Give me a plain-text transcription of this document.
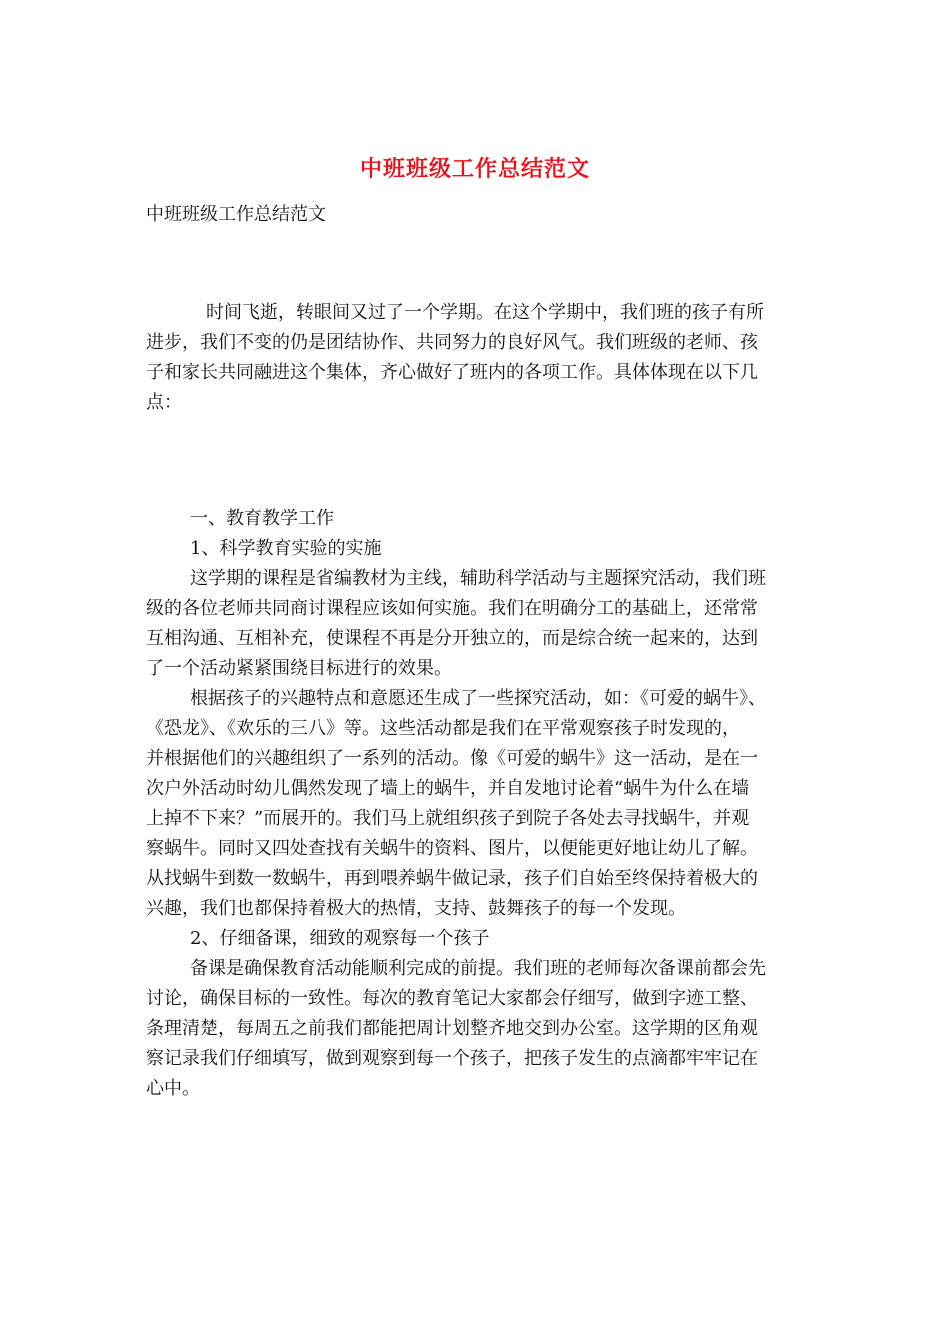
中班班级工作总结范文
中班班级工作总结范文
时间飞逝，转眼间又过了一个学期。在这个学期中，我们班的孩子有所
进步，我们不变的仍是团结协作、共同努力的良好风气。我们班级的老师、孩
子和家长共同融进这个集体，齐心做好了班内的各项工作。具体体现在以下几
点：
一、教育教学工作
1、科学教育实验的实施
这学期的课程是省编教材为主线，辅助科学活动与主题探究活动，我们班
级的各位老师共同商讨课程应该如何实施。我们在明确分工的基础上，还常常
互相沟通、互相补充，使课程不再是分开独立的，而是综合统一起来的，达到
了一个活动紧紧围绕目标进行的效果。
根据孩子的兴趣特点和意愿还生成了一些探究活动，如：《可爱的蜗牛》、
《恐龙》、《欢乐的三八》等。这些活动都是我们在平常观察孩子时发现的，
并根据他们的兴趣组织了一系列的活动。像《可爱的蜗牛》这一活动，是在一
次户外活动时幼儿偶然发现了墙上的蜗牛，并自发地讨论着“蜗牛为什么在墙
上掉不下来？”而展开的。我们马上就组织孩子到院子各处去寻找蜗牛，并观
察蜗牛。同时又四处查找有关蜗牛的资料、图片，以便能更好地让幼儿了解。
从找蜗牛到数一数蜗牛，再到喂养蜗牛做记录，孩子们自始至终保持着极大的
兴趣，我们也都保持着极大的热情，支持、鼓舞孩子的每一个发现。
2、仔细备课，细致的观察每一个孩子
备课是确保教育活动能顺利完成的前提。我们班的老师每次备课前都会先
讨论，确保目标的一致性。每次的教育笔记大家都会仔细写，做到字迹工整、
条理清楚，每周五之前我们都能把周计划整齐地交到办公室。这学期的区角观
察记录我们仔细填写，做到观察到每一个孩子，把孩子发生的点滴都牢牢记在
心中。
